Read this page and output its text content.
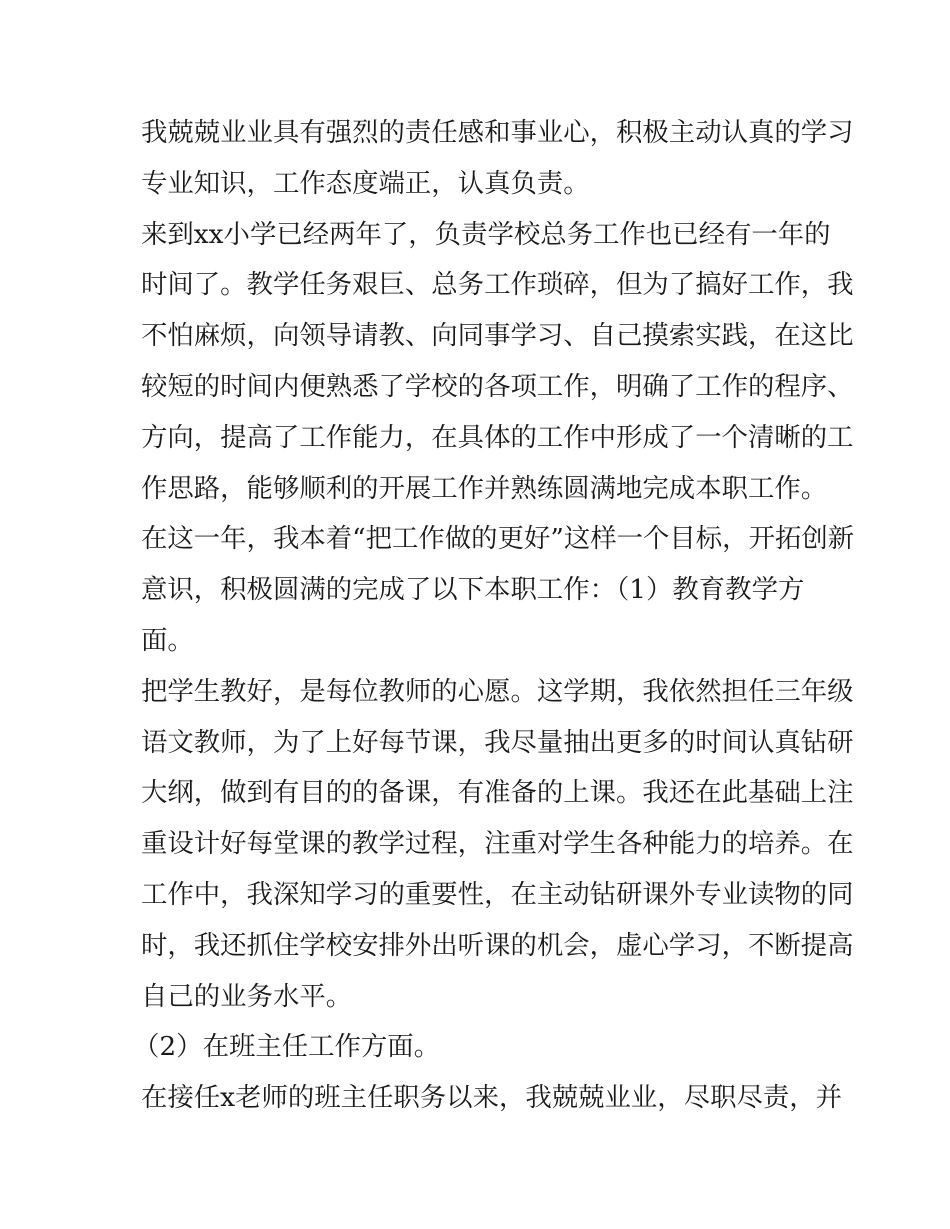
我兢兢业业具有强烈的责任感和事业心，积极主动认真的学习
专业知识，工作态度端正，认真负责。
来到xx小学已经两年了，负责学校总务工作也已经有一年的
时间了。教学任务艰巨、总务工作琐碎，但为了搞好工作，我
不怕麻烦，向领导请教、向同事学习、自己摸索实践，在这比
较短的时间内便熟悉了学校的各项工作，明确了工作的程序、
方向，提高了工作能力，在具体的工作中形成了一个清晰的工
作思路，能够顺利的开展工作并熟练圆满地完成本职工作。
在这一年，我本着“把工作做的更好”这样一个目标，开拓创新
意识，积极圆满的完成了以下本职工作：（1）教育教学方
面。
把学生教好，是每位教师的心愿。这学期，我依然担任三年级
语文教师，为了上好每节课，我尽量抽出更多的时间认真钻研
大纲，做到有目的的备课，有准备的上课。我还在此基础上注
重设计好每堂课的教学过程，注重对学生各种能力的培养。在
工作中，我深知学习的重要性，在主动钻研课外专业读物的同
时，我还抓住学校安排外出听课的机会，虚心学习，不断提高
自己的业务水平。
（2）在班主任工作方面。
在接任x老师的班主任职务以来，我兢兢业业，尽职尽责，并
